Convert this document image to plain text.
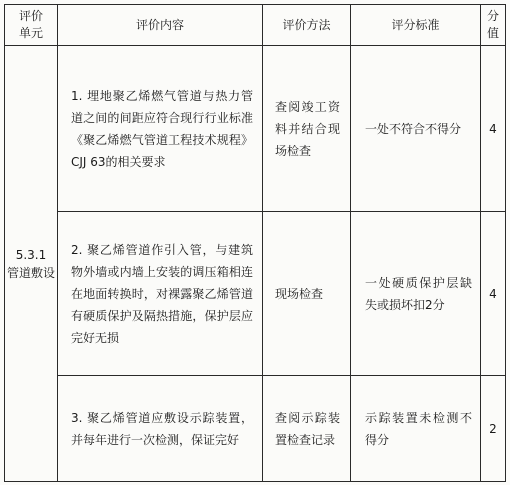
评价
单元	评价内容	评价方法	评分标准	分
值

5.3.1
管道敷设	1. 埋地聚乙烯燃气管道与热力管道之间的间距应符合现行行业标准《聚乙烯燃气管道工程技术规程》CJJ 63的相关要求	查阅竣工资料并结合现场检查	一处不符合不得分	4

	2. 聚乙烯管道作引入管，与建筑物外墙或内墙上安装的调压箱相连在地面转换时，对裸露聚乙烯管道有硬质保护及隔热措施，保护层应完好无损	现场检查	一处硬质保护层缺失或损坏扣2分	4

	3. 聚乙烯管道应敷设示踪装置，并每年进行一次检测，保证完好	查阅示踪装置检查记录	示踪装置未检测不得分	2
